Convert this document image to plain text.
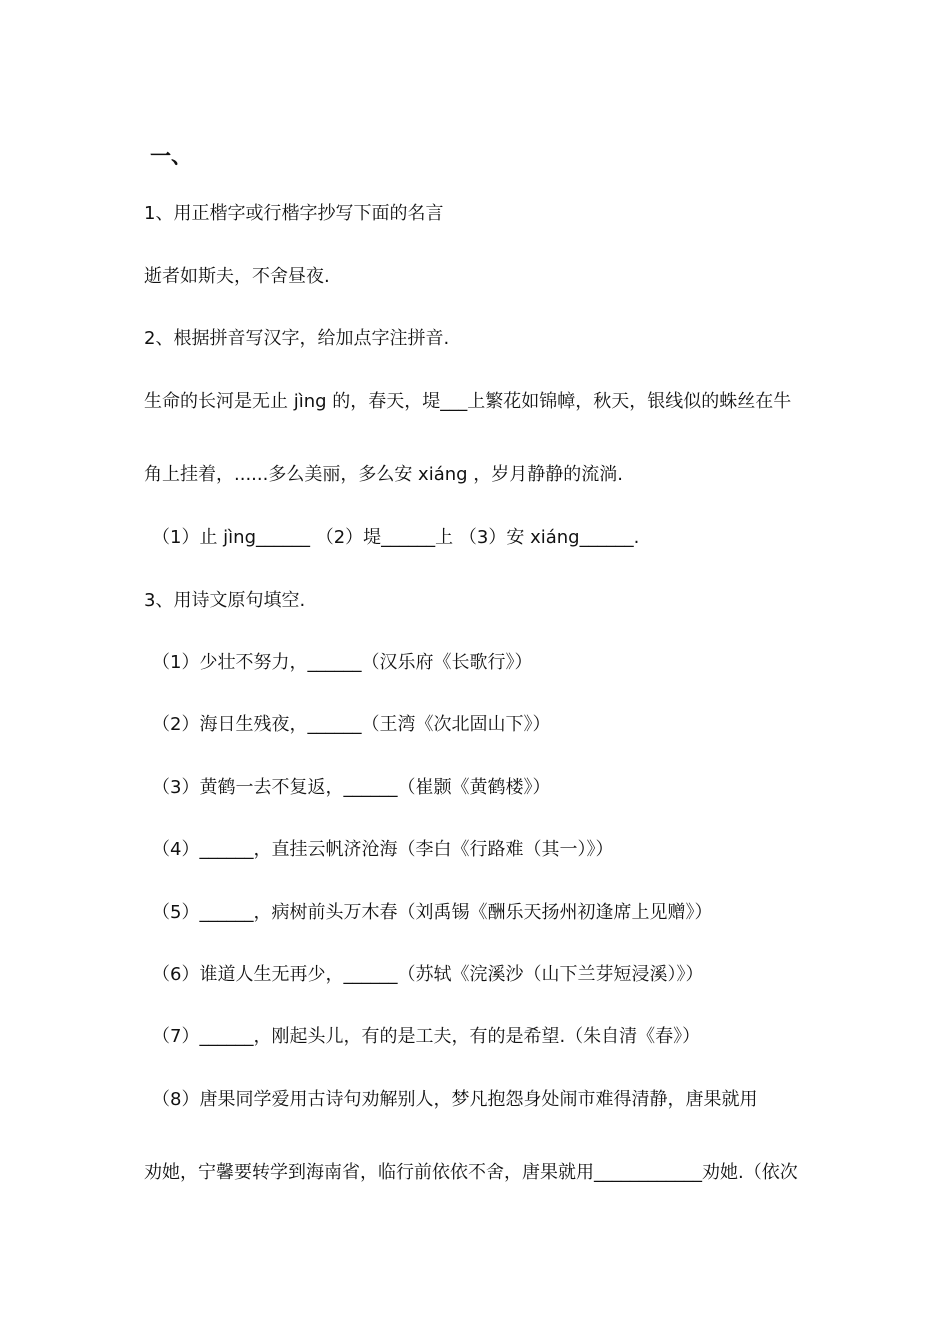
一、
1、用正楷字或行楷字抄写下面的名言
逝者如斯夫，不舍昼夜.
2、根据拼音写汉字，给加点字注拼音.
生命的长河是无止 jìng 的，春天，堤___上繁花如锦幛，秋天，银线似的蛛丝在牛
角上挂着，......多么美丽，多么安 xiáng ，岁月静静的流淌.
（1）止 jìng______ （2）堤______上 （3）安 xiáng______.
3、用诗文原句填空.
（1）少壮不努力，______（汉乐府《长歌行》）
（2）海日生残夜，______（王湾《次北固山下》）
（3）黄鹤一去不复返，______（崔颢《黄鹤楼》）
（4）______，直挂云帆济沧海（李白《行路难（其一）》）
（5）______，病树前头万木春（刘禹锡《酬乐天扬州初逢席上见赠》）
（6）谁道人生无再少，______（苏轼《浣溪沙（山下兰芽短浸溪）》）
（7）______，刚起头儿，有的是工夫，有的是希望.（朱自清《春》）
（8）唐果同学爱用古诗句劝解别人，梦凡抱怨身处闹市难得清静，唐果就用
劝她，宁馨要转学到海南省，临行前依依不舍，唐果就用____________劝她.（依次
